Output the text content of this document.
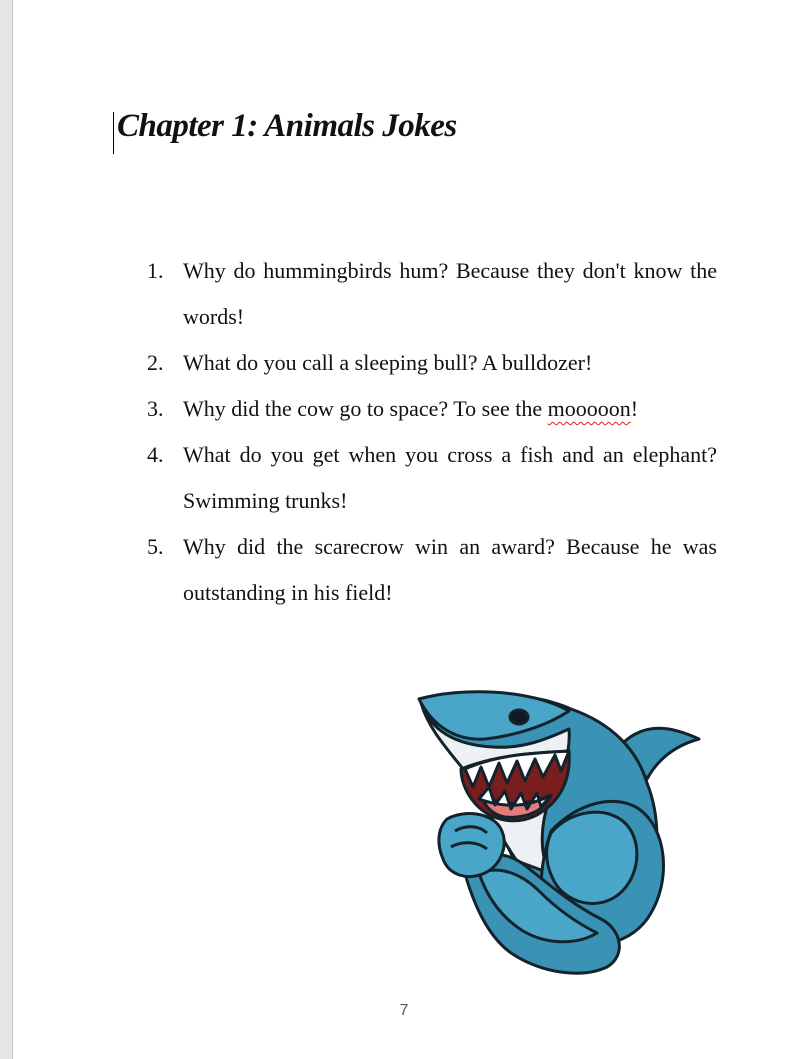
Chapter 1: Animals Jokes
1. Why do hummingbirds hum? Because they don't know the words!
2. What do you call a sleeping bull? A bulldozer!
3. Why did the cow go to space? To see the mooooon!
4. What do you get when you cross a fish and an elephant? Swimming trunks!
5. Why did the scarecrow win an award? Because he was outstanding in his field!
7
